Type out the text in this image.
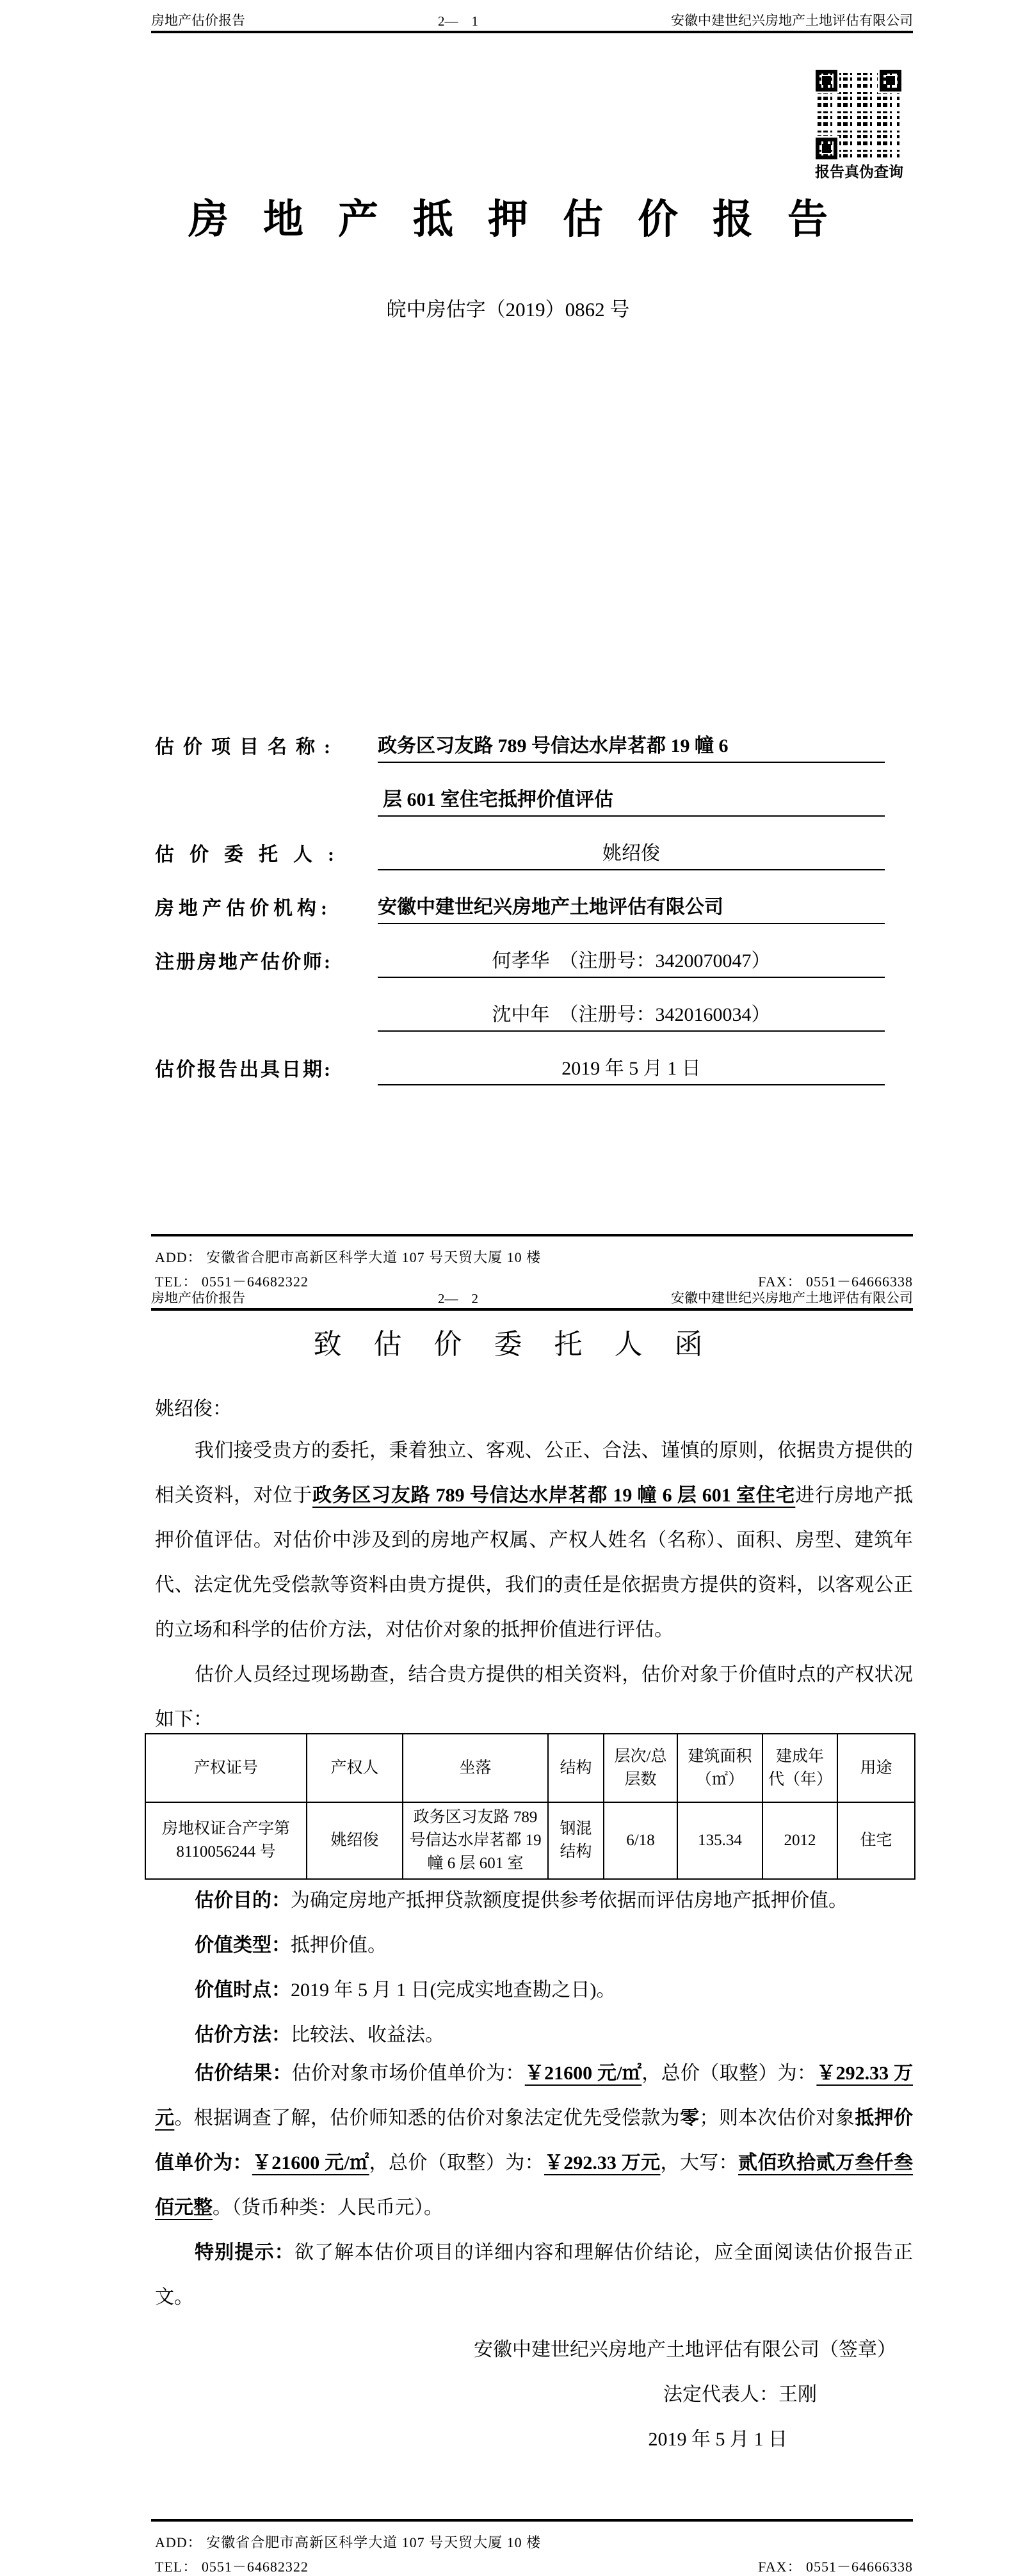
房地产估价报告	2—    1	安徽中建世纪兴房地产土地评估有限公司
报告真伪查询
房地产抵押估价报告
皖中房估字（2019）0862 号
估价项目名称:	政务区习友路 789 号信达水岸茗都 19 幢 6
层 601 室住宅抵押价值评估
估价委托人:	姚绍俊
房地产估价机构:	安徽中建世纪兴房地产土地评估有限公司
注册房地产估价师:	何孝华　（注册号：3420070047）
沈中年　（注册号：3420160034）
估价报告出具日期:	2019 年 5 月 1 日
ADD： 安徽省合肥市高新区科学大道 107 号天贸大厦 10 楼
TEL： 0551－64682322	FAX： 0551－64666338
房地产估价报告	2—    2	安徽中建世纪兴房地产土地评估有限公司
致估价委托人函
姚绍俊：
我们接受贵方的委托，秉着独立、客观、公正、合法、谨慎的原则，依据贵方提供的相关资料，对位于政务区习友路 789 号信达水岸茗都 19 幢 6 层 601 室住宅进行房地产抵押价值评估。对估价中涉及到的房地产权属、产权人姓名（名称）、面积、房型、建筑年代、法定优先受偿款等资料由贵方提供，我们的责任是依据贵方提供的资料，以客观公正的立场和科学的估价方法，对估价对象的抵押价值进行评估。
估价人员经过现场勘查，结合贵方提供的相关资料，估价对象于价值时点的产权状况如下：
产权证号	产权人	坐落	结构	层次/总层数	建筑面积（㎡）	建成年代（年）	用途
房地权证合产字第 8110056244 号	姚绍俊	政务区习友路 789 号信达水岸茗都 19 幢 6 层 601 室	钢混结构	6/18	135.34	2012	住宅
估价目的：为确定房地产抵押贷款额度提供参考依据而评估房地产抵押价值。
价值类型：抵押价值。
价值时点：2019 年 5 月 1 日(完成实地查勘之日)。
估价方法：比较法、收益法。
估价结果：估价对象市场价值单价为：￥21600 元/㎡，总价（取整）为：￥292.33 万元。根据调查了解，估价师知悉的估价对象法定优先受偿款为零；则本次估价对象抵押价值单价为：￥21600 元/㎡，总价（取整）为：￥292.33 万元，大写：贰佰玖拾贰万叁仟叁佰元整。（货币种类：人民币元）。
特别提示：欲了解本估价项目的详细内容和理解估价结论，应全面阅读估价报告正文。
安徽中建世纪兴房地产土地评估有限公司（签章）
法定代表人：王刚
2019 年 5 月 1 日
ADD： 安徽省合肥市高新区科学大道 107 号天贸大厦 10 楼
TEL： 0551－64682322	FAX： 0551－64666338
